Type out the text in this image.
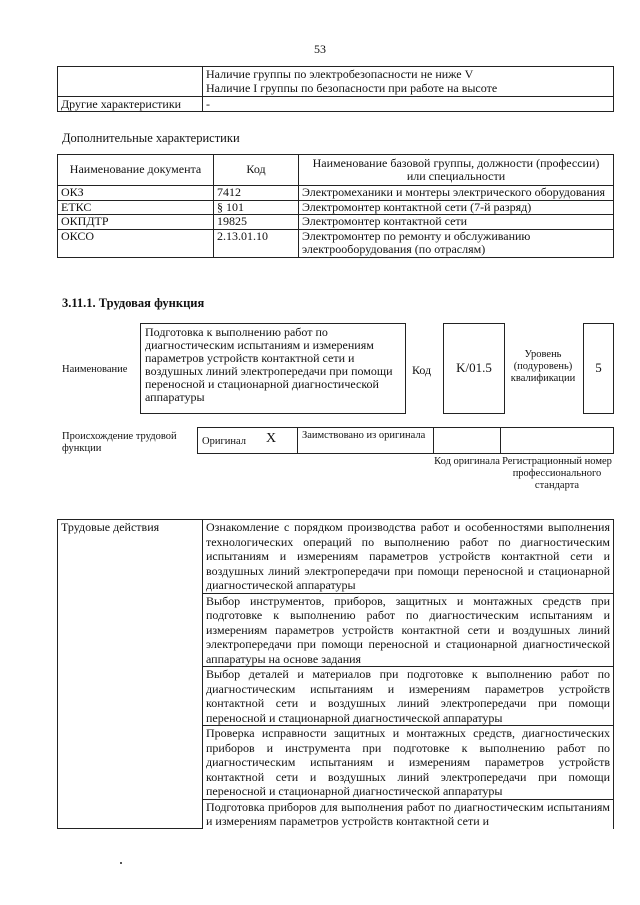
53
	Наличие группы по электробезопасности не ниже V
Наличие I группы по безопасности при работе на высоте
Другие характеристики	-
Дополнительные характеристики
Наименование документа	Код	Наименование базовой группы, должности (профессии) или специальности
ОКЗ	7412	Электромеханики и монтеры электрического оборудования
ЕТКС	§ 101	Электромонтер контактной сети (7-й разряд)
ОКПДТР	19825	Электромонтер контактной сети
ОКСО	2.13.01.10	Электромонтер по ремонту и обслуживанию электрооборудования (по отраслям)
3.11.1. Трудовая функция
Наименование
Подготовка к выполнению работ по диагностическим испытаниям и измерениям параметров устройств контактной сети и воздушных линий электропередачи при помощи переносной и стационарной диагностической аппаратуры
Код	K/01.5
Уровень (подуровень) квалификации
5
Происхождение трудовой функции
Оригинал X	Заимствовано из оригинала
Код оригинала Регистрационный номер профессионального стандарта
Трудовые действия	Ознакомление с порядком производства работ и особенностями выполнения технологических операций по выполнению работ по диагностическим испытаниям и измерениям параметров устройств контактной сети и воздушных линий электропередачи при помощи переносной и стационарной диагностической аппаратуры
Выбор инструментов, приборов, защитных и монтажных средств при подготовке к выполнению работ по диагностическим испытаниям и измерениям параметров устройств контактной сети и воздушных линий электропередачи при помощи переносной и стационарной диагностической аппаратуры на основе задания
Выбор деталей и материалов при подготовке к выполнению работ по диагностическим испытаниям и измерениям параметров устройств контактной сети и воздушных линий электропередачи при помощи переносной и стационарной диагностической аппаратуры
Проверка исправности защитных и монтажных средств, диагностических приборов и инструмента при подготовке к выполнению работ по диагностическим испытаниям и измерениям параметров устройств контактной сети и воздушных линий электропередачи при помощи переносной и стационарной диагностической аппаратуры
Подготовка приборов для выполнения работ по диагностическим испытаниям и измерениям параметров устройств контактной сети и
